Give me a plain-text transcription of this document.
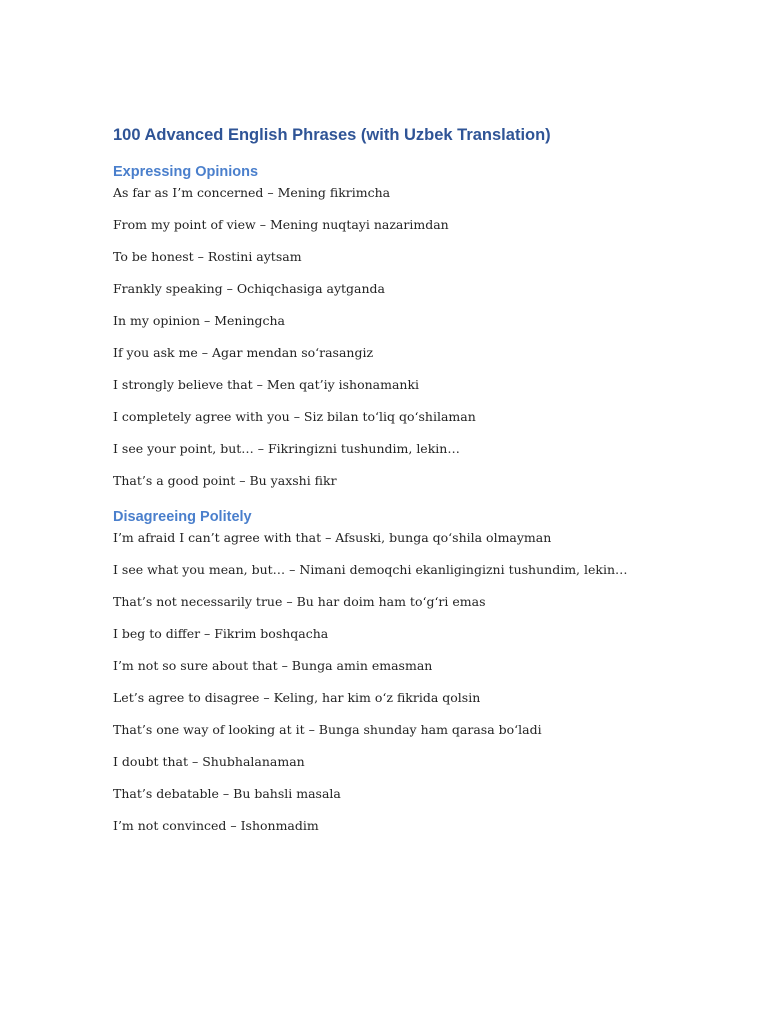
100 Advanced English Phrases (with Uzbek Translation)
Expressing Opinions
As far as I’m concerned – Mening fikrimcha
From my point of view – Mening nuqtayi nazarimdan
To be honest – Rostini aytsam
Frankly speaking – Ochiqchasiga aytganda
In my opinion – Meningcha
If you ask me – Agar mendan so‘rasangiz
I strongly believe that – Men qat’iy ishonamanki
I completely agree with you – Siz bilan to‘liq qo‘shilaman
I see your point, but… – Fikringizni tushundim, lekin…
That’s a good point – Bu yaxshi fikr
Disagreeing Politely
I’m afraid I can’t agree with that – Afsuski, bunga qo‘shila olmayman
I see what you mean, but… – Nimani demoqchi ekanligingizni tushundim, lekin…
That’s not necessarily true – Bu har doim ham to‘g‘ri emas
I beg to differ – Fikrim boshqacha
I’m not so sure about that – Bunga amin emasman
Let’s agree to disagree – Keling, har kim o‘z fikrida qolsin
That’s one way of looking at it – Bunga shunday ham qarasa bo‘ladi
I doubt that – Shubhalanaman
That’s debatable – Bu bahsli masala
I’m not convinced – Ishonmadim
